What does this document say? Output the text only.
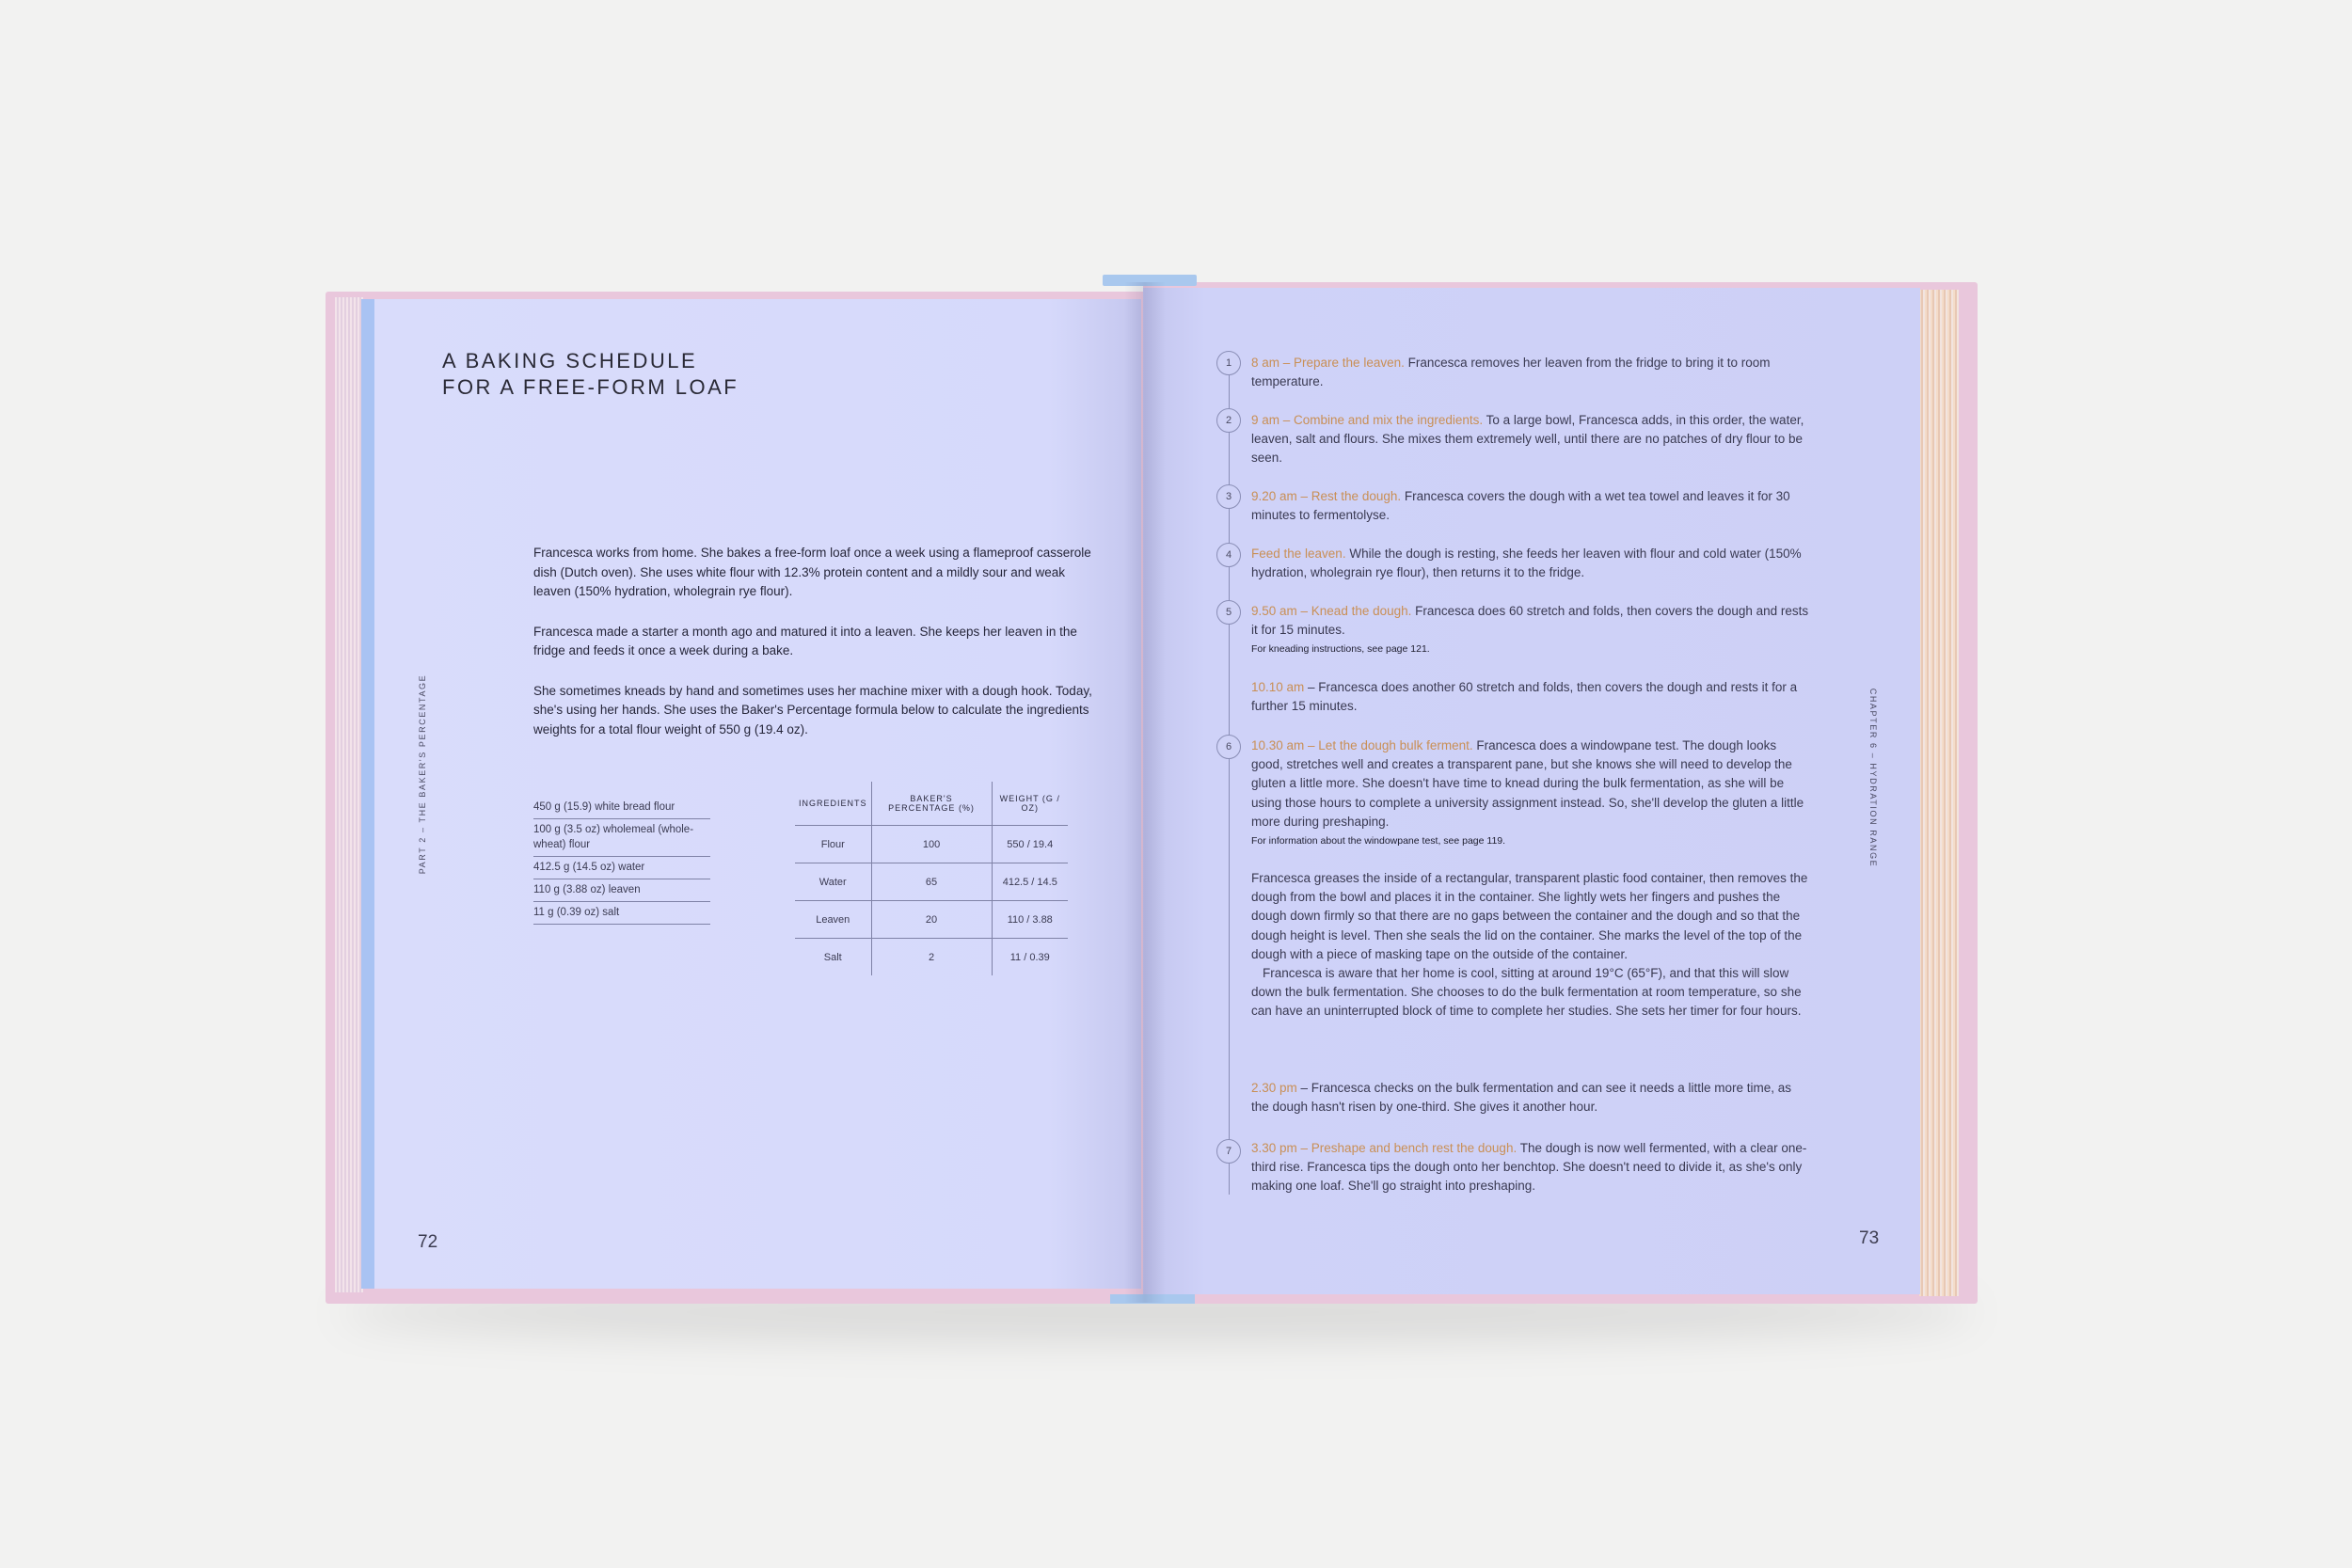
A BAKING SCHEDULE
FOR A FREE-FORM LOAF

Francesca works from home. She bakes a free-form loaf once a week using a flameproof casserole dish (Dutch oven). She uses white flour with 12.3% protein content and a mildly sour and weak leaven (150% hydration, wholegrain rye flour).

Francesca made a starter a month ago and matured it into a leaven. She keeps her leaven in the fridge and feeds it once a week during a bake.

She sometimes kneads by hand and sometimes uses her machine mixer with a dough hook. Today, she's using her hands. She uses the Baker's Percentage formula below to calculate the ingredients weights for a total flour weight of 550 g (19.4 oz).

PART 2 – THE BAKER'S PERCENTAGE	450 g (15.9) white bread flour
100 g (3.5 oz) wholemeal (whole-wheat) flour
412.5 g (14.5 oz) water
110 g (3.88 oz) leaven
11 g (0.39 oz) salt
INGREDIENTS	BAKER'S PERCENTAGE (%)	WEIGHT (G / OZ)
Flour	100	550 / 19.4
Water	65	412.5 / 14.5
Leaven	20	110 / 3.88
Salt	2	11 / 0.39
72
CHAPTER 6 – HYDRATION RANGE
1
2
3
4
5
6
7
8 am – Prepare the leaven. Francesca removes her leaven from the fridge to bring it to room temperature.
9 am – Combine and mix the ingredients. To a large bowl, Francesca adds, in this order, the water, leaven, salt and flours. She mixes them extremely well, until there are no patches of dry flour to be seen.
9.20 am – Rest the dough. Francesca covers the dough with a wet tea towel and leaves it for 30 minutes to fermentolyse.
Feed the leaven. While the dough is resting, she feeds her leaven with flour and cold water (150% hydration, wholegrain rye flour), then returns it to the fridge.
9.50 am – Knead the dough. Francesca does 60 stretch and folds, then covers the dough and rests it for 15 minutes.
For kneading instructions, see page 121.
10.10 am – Francesca does another 60 stretch and folds, then covers the dough and rests it for a further 15 minutes.
10.30 am – Let the dough bulk ferment. Francesca does a windowpane test. The dough looks good, stretches well and creates a transparent pane, but she knows she will need to develop the gluten a little more. She doesn't have time to knead during the bulk fermentation, as she will be using those hours to complete a university assignment instead. So, she'll develop the gluten a little more during preshaping.
For information about the windowpane test, see page 119.
Francesca greases the inside of a rectangular, transparent plastic food container, then removes the dough from the bowl and places it in the container. She lightly wets her fingers and pushes the dough down firmly so that there are no gaps between the container and the dough and so that the dough height is level. Then she seals the lid on the container. She marks the level of the top of the dough with a piece of masking tape on the outside of the container.
Francesca is aware that her home is cool, sitting at around 19°C (65°F), and that this will slow down the bulk fermentation. She chooses to do the bulk fermentation at room temperature, so she can have an uninterrupted block of time to complete her studies. She sets her timer for four hours.
2.30 pm – Francesca checks on the bulk fermentation and can see it needs a little more time, as the dough hasn't risen by one-third. She gives it another hour.
3.30 pm – Preshape and bench rest the dough. The dough is now well fermented, with a clear one-third rise. Francesca tips the dough onto her benchtop. She doesn't need to divide it, as she's only making one loaf. She'll go straight into preshaping.
73
